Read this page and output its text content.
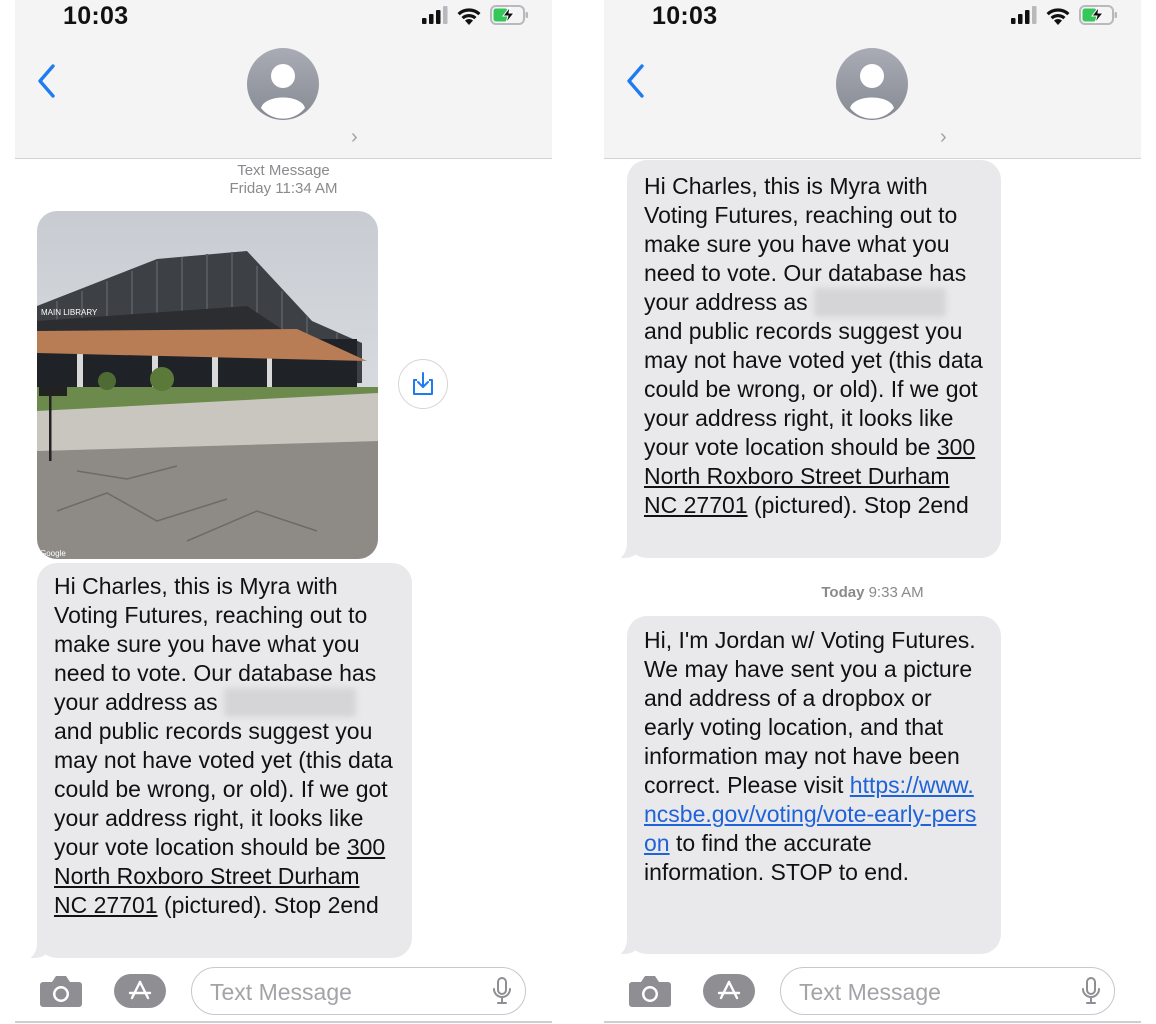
10:03
›
Text Message
Friday 11:34 AM
MAIN LIBRARY
Google
Hi Charles, this is Myra with Voting Futures, reaching out to make sure you have what you need to vote. Our database has your address as  and public records suggest you may not have voted yet (this data could be wrong, or old). If we got your address right, it looks like your vote location should be 300 North Roxboro Street Durham NC 27701 (pictured). Stop 2end
Text Message
10:03
›
Hi Charles, this is Myra with Voting Futures, reaching out to make sure you have what you need to vote. Our database has your address as  and public records suggest you may not have voted yet (this data could be wrong, or old). If we got your address right, it looks like your vote location should be 300 North Roxboro Street Durham NC 27701 (pictured). Stop 2end
Today 9:33 AM
Hi, I'm Jordan w/ Voting Futures. We may have sent you a picture and address of a dropbox or early voting location, and that information may not have been correct. Please visit https://www.ncsbe.gov/voting/vote-early-person to find the accurate information. STOP to end.
Text Message
